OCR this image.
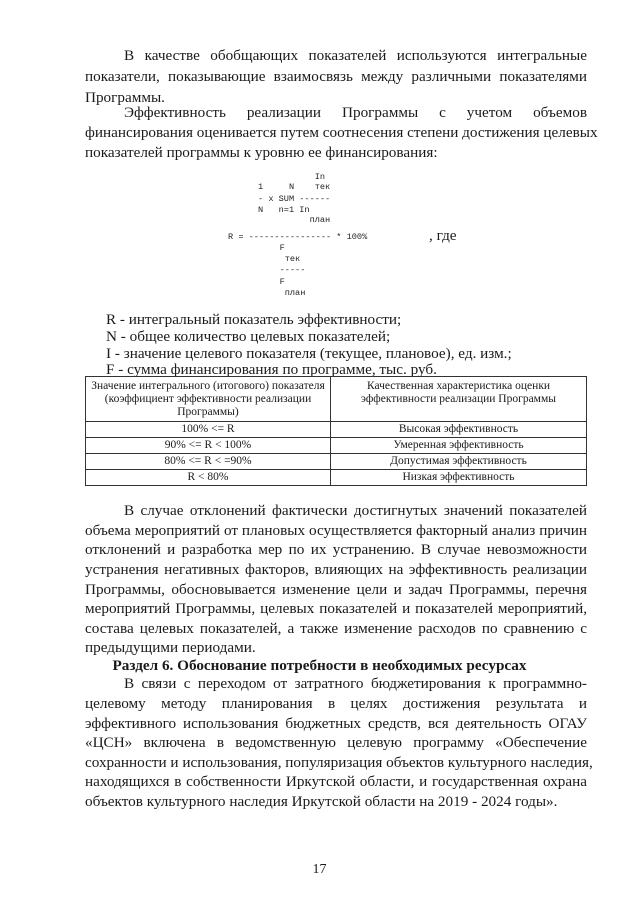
В качестве обобщающих показателей используются интегральные
показатели, показывающие взаимосвязь между различными показателями
Программы.
Эффективность реализации Программы с учетом объемов
финансирования оценивается путем соотнесения степени достижения целевых
показателей программы к уровню ее финансирования:
In
1     N    тек
- x SUM ------
N   n=1 In
план
R = ---------------- * 100%
F
тек
-----
F
план
, где
R - интегральный показатель эффективности;
N - общее количество целевых показателей;
I - значение целевого показателя (текущее, плановое), ед. изм.;
F - сумма финансирования по программе, тыс. руб.
Значение интегрального (итогового) показателя (коэффициент эффективности реализации Программы)	Качественная характеристика оценки эффективности реализации Программы
100% <= R	Высокая эффективность
90% <= R < 100%	Умеренная эффективность
80% <= R < =90%	Допустимая эффективность
R < 80%	Низкая эффективность
В случае отклонений фактически достигнутых значений показателей
объема мероприятий от плановых осуществляется факторный анализ причин
отклонений и разработка мер по их устранению. В случае невозможности
устранения негативных факторов, влияющих на эффективность реализации
Программы, обосновывается изменение цели и задач Программы, перечня
мероприятий Программы, целевых показателей и показателей мероприятий,
состава целевых показателей, а также изменение расходов по сравнению с
предыдущими периодами.
Раздел 6. Обоснование потребности в необходимых ресурсах
В связи с переходом от затратного бюджетирования к программно-
целевому методу планирования в целях достижения результата и
эффективного использования бюджетных средств, вся деятельность ОГАУ
«ЦСН» включена в ведомственную целевую программу «Обеспечение
сохранности и использования, популяризация объектов культурного наследия,
находящихся в собственности Иркутской области, и государственная охрана
объектов культурного наследия Иркутской области на 2019 - 2024 годы».
17
